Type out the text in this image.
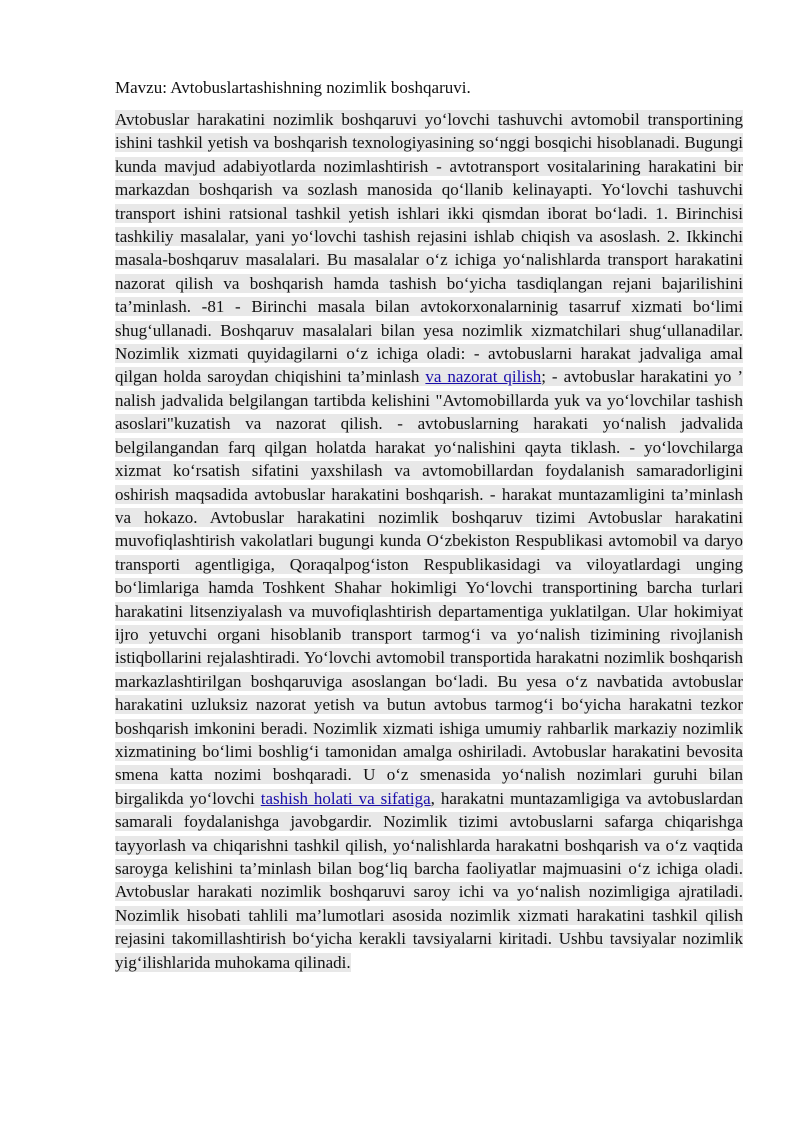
Mavzu: Avtobuslartashishning nozimlik boshqaruvi.

Avtobuslar harakatini nozimlik boshqaruvi yo‘lovchi tashuvchi avtomobil transportining ishini tashkil yetish va boshqarish texnologiyasining so‘nggi bosqichi hisoblanadi. Bugungi kunda mavjud adabiyotlarda nozimlashtirish - avtotransport vositalarining harakatini bir markazdan boshqarish va sozlash manosida qo‘llanib kelinayapti. Yo‘lovchi tashuvchi transport ishini ratsional tashkil yetish ishlari ikki qismdan iborat bo‘ladi. 1. Birinchisi tashkiliy masalalar, yani yo‘lovchi tashish rejasini ishlab chiqish va asoslash. 2. Ikkinchi masala-boshqaruv masalalari. Bu masalalar o‘z ichiga yo‘nalishlarda transport harakatini nazorat qilish va boshqarish hamda tashish bo‘yicha tasdiqlangan rejani bajarilishini ta’minlash. -81 - Birinchi masala bilan avtokorxonalarninig tasarruf xizmati bo‘limi shug‘ullanadi. Boshqaruv masalalari bilan yesa nozimlik xizmatchilari shug‘ullanadilar. Nozimlik xizmati quyidagilarni o‘z ichiga oladi: - avtobuslarni harakat jadvaliga amal qilgan holda saroydan chiqishini ta’minlash va nazorat qilish; - avtobuslar harakatini yo ’ nalish jadvalida belgilangan tartibda kelishini "Avtomobillarda yuk va yo‘lovchilar tashish asoslari"kuzatish va nazorat qilish. - avtobuslarning harakati yo‘nalish jadvalida belgilangandan farq qilgan holatda harakat yo‘nalishini qayta tiklash. - yo‘lovchilarga xizmat ko‘rsatish sifatini yaxshilash va avtomobillardan foydalanish samaradorligini oshirish maqsadida avtobuslar harakatini boshqarish. - harakat muntazamligini ta’minlash va hokazo. Avtobuslar harakatini nozimlik boshqaruv tizimi Avtobuslar harakatini muvofiqlashtirish vakolatlari bugungi kunda O‘zbekiston Respublikasi avtomobil va daryo transporti agentligiga, Qoraqalpog‘iston Respublikasidagi va viloyatlardagi unging bo‘limlariga hamda Toshkent Shahar hokimligi Yo‘lovchi transportining barcha turlari harakatini litsenziyalash va muvofiqlashtirish departamentiga yuklatilgan. Ular hokimiyat ijro yetuvchi organi hisoblanib transport tarmog‘i va yo‘nalish tizimining rivojlanish istiqbollarini rejalashtiradi. Yo‘lovchi avtomobil transportida harakatni nozimlik boshqarish markazlashtirilgan boshqaruviga asoslangan bo‘ladi. Bu yesa o‘z navbatida avtobuslar harakatini uzluksiz nazorat yetish va butun avtobus tarmog‘i bo‘yicha harakatni tezkor boshqarish imkonini beradi. Nozimlik xizmati ishiga umumiy rahbarlik markaziy nozimlik xizmatining bo‘limi boshlig‘i tamonidan amalga oshiriladi. Avtobuslar harakatini bevosita smena katta nozimi boshqaradi. U o‘z smenasida yo‘nalish nozimlari guruhi bilan birgalikda yo‘lovchi tashish holati va sifatiga, harakatni muntazamligiga va avtobuslardan samarali foydalanishga javobgardir. Nozimlik tizimi avtobuslarni safarga chiqarishga tayyorlash va chiqarishni tashkil qilish, yo‘nalishlarda harakatni boshqarish va o‘z vaqtida saroyga kelishini ta’minlash bilan bog‘liq barcha faoliyatlar majmuasini o‘z ichiga oladi. Avtobuslar harakati nozimlik boshqaruvi saroy ichi va yo‘nalish nozimligiga ajratiladi. Nozimlik hisobati tahlili ma’lumotlari asosida nozimlik xizmati harakatini tashkil qilish rejasini takomillashtirish bo‘yicha kerakli tavsiyalarni kiritadi. Ushbu tavsiyalar nozimlik yig‘ilishlarida muhokama qilinadi.
